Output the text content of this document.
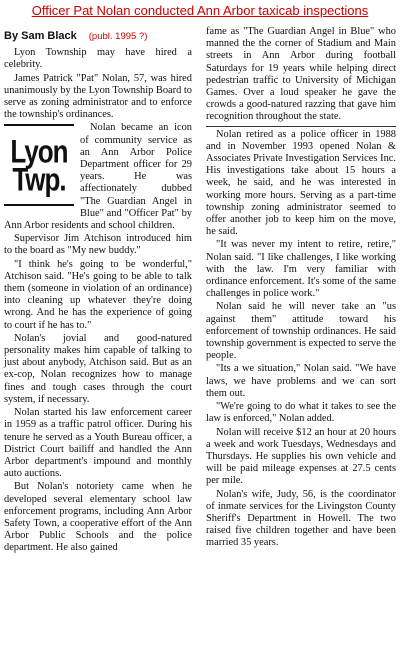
Officer Pat Nolan conducted Ann Arbor taxicab inspections
By Sam Black (publ. 1995 ?)

Lyon Township may have hired a celebrity.

James Patrick "Pat" Nolan, 57, was hired unanimously by the Lyon Township Board to serve as zoning administrator and to enforce the township's ordinances.

Lyon
Twp.

Nolan became an icon of community service as an Ann Arbor Police Department officer for 29 years. He was affectionately dubbed "The Guardian Angel in Blue" and "Officer Pat" by Ann Arbor residents and school children.

Supervisor Jim Atchison introduced him to the board as "My new buddy."

"I think he's going to be wonderful," Atchison said. "He's going to be able to talk them (someone in violation of an ordinance) into cleaning up whatever they're doing wrong. And he has the experience of going to court if he has to."

Nolan's jovial and good-natured personality makes him capable of talking to just about anybody, Atchison said. But as an ex-cop, Nolan recognizes how to manage fines and tough cases through the court system, if necessary.

Nolan started his law enforcement career in 1959 as a traffic patrol officer. During his tenure he served as a Youth Bureau officer, a District Court bailiff and handled the Ann Arbor department's impound and monthly auto auctions.

But Nolan's notoriety came when he developed several elementary school law enforcement programs, including Ann Arbor Safety Town, a cooperative effort of the Ann Arbor Public Schools and the police department. He also gained

fame as "The Guardian Angel in Blue" who manned the the corner of Stadium and Main streets in Ann Arbor during football Saturdays for 19 years while helping direct pedestrian traffic to University of Michigan Games. Over a loud speaker he gave the crowds a good-natured razzing that gave him recognition throughout the state.

Nolan retired as a police officer in 1988 and in November 1993 opened Nolan & Associates Private Investigation Services Inc. His investigations take about 15 hours a week, he said, and he was interested in working more hours. Serving as a part-time township zoning administrator seemed to offer another job to keep him on the move, he said.

"It was never my intent to retire, retire," Nolan said. "I like challenges, I like working with the law. I'm very familiar with ordinance enforcement. It's some of the same challenges in police work."

Nolan said he will never take an "us against them" attitude toward his enforcement of township ordinances. He said township government is expected to serve the people.

"Its a we situation," Nolan said. "We have laws, we have problems and we can sort them out.

"We're going to do what it takes to see the law is enforced," Nolan added.

Nolan will receive $12 an hour at 20 hours a week and work Tuesdays, Wednesdays and Thursdays. He supplies his own vehicle and will be paid mileage expenses at 27.5 cents per mile.

Nolan's wife, Judy, 56, is the coordinator of inmate services for the Livingston County Sheriff's Department in Howell. The two raised five children together and have been married 35 years.
